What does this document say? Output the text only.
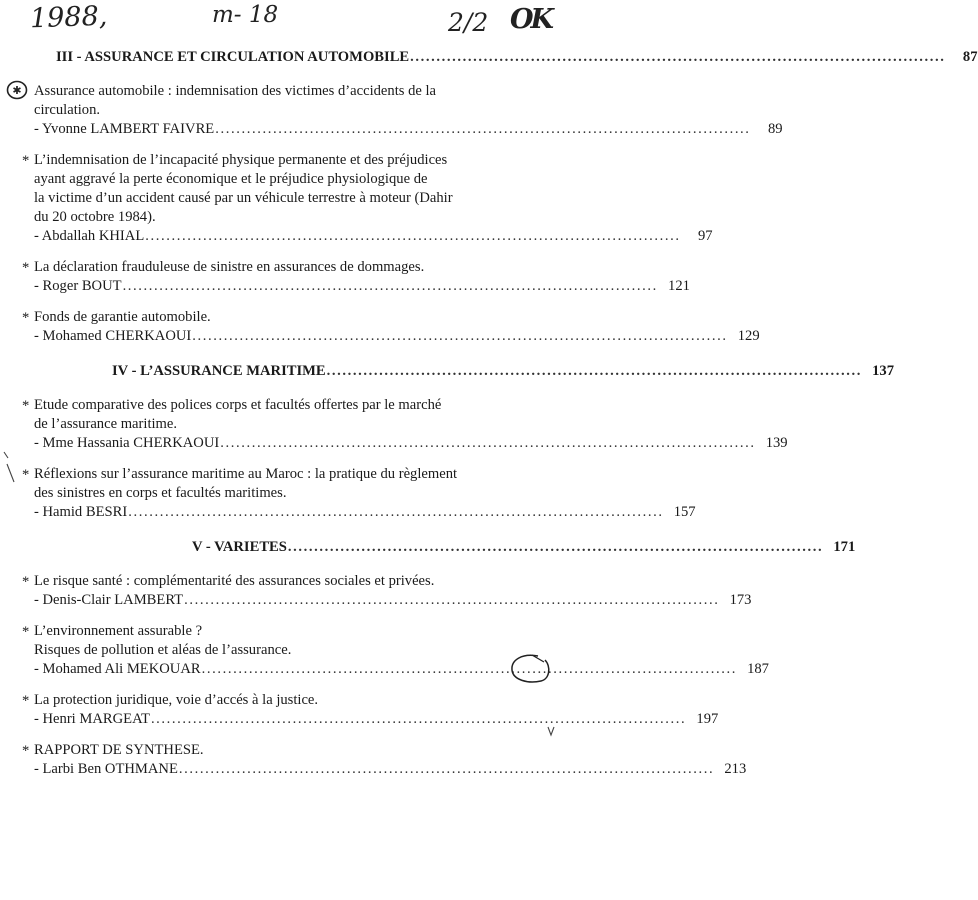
1988,	m- 18	2/2 OK
III - ASSURANCE ET CIRCULATION AUTOMOBILE ......................................................................................................	87
✱ Assurance automobile : indemnisation des victimes d’accidents de la
circulation.
- Yvonne LAMBERT FAIVRE ......................................................................................................	89
* L’indemnisation de l’incapacité physique permanente et des préjudices
ayant aggravé la perte économique et le préjudice physiologique de
la victime d’un accident causé par un véhicule terrestre à moteur (Dahir
du 20 octobre 1984).
- Abdallah KHIAL ......................................................................................................	97
* La déclaration frauduleuse de sinistre en assurances de dommages.
- Roger BOUT ...................................................................................................... 121
* Fonds de garantie automobile.
- Mohamed CHERKAOUI ...................................................................................................... 129
IV - L’ASSURANCE MARITIME ...................................................................................................... 137
* Etude comparative des polices corps et facultés offertes par le marché
de l’assurance maritime.
- Mme Hassania CHERKAOUI ...................................................................................................... 139
* Réflexions sur l’assurance maritime au Maroc : la pratique du règlement
des sinistres en corps et facultés maritimes.
- Hamid BESRI ...................................................................................................... 157
V - VARIETES ...................................................................................................... 171
* Le risque santé : complémentarité des assurances sociales et privées.
- Denis-Clair LAMBERT ...................................................................................................... 173
* L’environnement assurable ?
Risques de pollution et aléas de l’assurance.
- Mohamed Ali MEKOUAR ...................................................................................................... 187
* La protection juridique, voie d’accés à la justice.
- Henri MARGEAT ...................................................................................................... 197
* RAPPORT DE SYNTHESE.
- Larbi Ben OTHMANE ...................................................................................................... 213
